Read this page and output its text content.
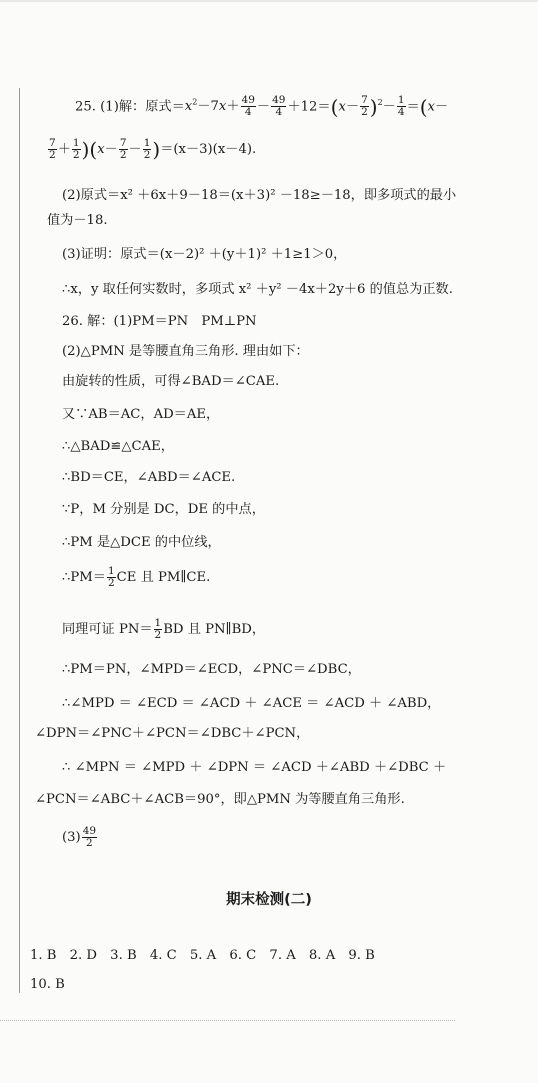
25. (1)解：原式$=x^2-7x+ \frac{49}{4} - \frac{49}{4} +12=(x- \frac{7}{2} )^2- \frac{1}{4} =(x-$
$\frac{7}{2} + \frac{1}{2} )(x- \frac{7}{2} - \frac{1}{2} )=(x-3)(x-4)$.
(2)原式＝x² ＋6x＋9－18＝(x＋3)² －18≥－18，即多项式的最小
值为－18.
(3)证明：原式＝(x－2)² ＋(y＋1)² ＋1≥1＞0，
∴x，y 取任何实数时，多项式 x² ＋y² －4x＋2y＋6 的值总为正数.
26. 解：(1)PM＝PN　PM⊥PN
(2)△PMN 是等腰直角三角形. 理由如下：
由旋转的性质，可得∠BAD＝∠CAE.
又∵AB＝AC，AD＝AE，
∴△BAD≌△CAE，
∴BD＝CE，∠ABD＝∠ACE.
∵P，M 分别是 DC，DE 的中点，
∴PM 是△DCE 的中位线，
∴PM＝ $\frac{1}{2}$ CE 且 PM∥CE.
同理可证 $PN= \frac{1}{2}$ BD 且 PN∥BD，
∴PM＝PN，∠MPD＝∠ECD，∠PNC＝∠DBC，
∴∠MPD ＝ ∠ECD ＝ ∠ACD ＋ ∠ACE ＝ ∠ACD ＋ ∠ABD，
∠DPN＝∠PNC＋∠PCN＝∠DBC＋∠PCN，
∴ ∠MPN ＝ ∠MPD ＋ ∠DPN ＝ ∠ACD ＋∠ABD ＋∠DBC ＋
∠PCN＝∠ABC＋∠ACB＝90°，即△PMN 为等腰直角三角形.
$(3) \frac{49}{2}$
期末检测(二)
1. B　2. D　3. B　4. C　5. A　6. C　7. A　8. A　9. B
10. B
